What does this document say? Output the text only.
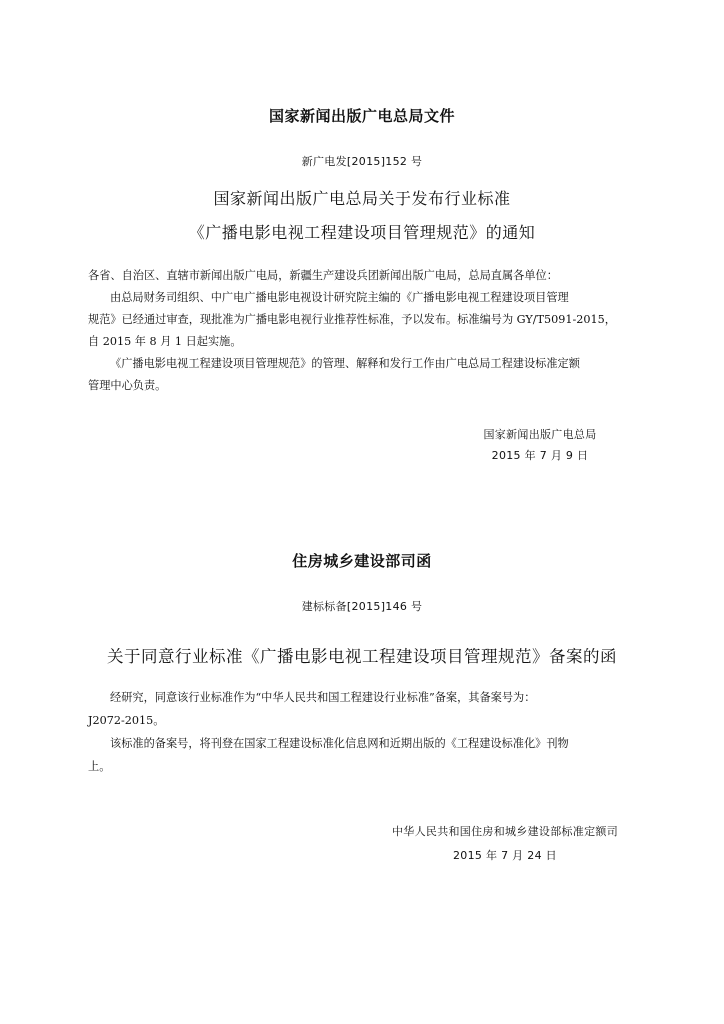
国家新闻出版广电总局文件
新广电发[2015]152 号
国家新闻出版广电总局关于发布行业标准
《广播电影电视工程建设项目管理规范》的通知

各省、自治区、直辖市新闻出版广电局，新疆生产建设兵团新闻出版广电局，总局直属各单位：

由总局财务司组织、中广电广播电影电视设计研究院主编的《广播电影电视工程建设项目管理

规范》已经通过审查，现批准为广播电影电视行业推荐性标准，予以发布。标准编号为 GY/T5091-2015，

自 2015 年 8 月 1 日起实施。

《广播电影电视工程建设项目管理规范》的管理、解释和发行工作由广电总局工程建设标准定额

管理中心负责。

国家新闻出版广电总局
2015 年 7 月 9 日
住房城乡建设部司函
建标标备[2015]146 号
关于同意行业标准《广播电影电视工程建设项目管理规范》备案的函

经研究，同意该行业标准作为“中华人民共和国工程建设行业标准”备案，其备案号为：

J2072-2015。

该标准的备案号，将刊登在国家工程建设标准化信息网和近期出版的《工程建设标准化》刊物

上。

中华人民共和国住房和城乡建设部标准定额司
2015 年 7 月 24 日
